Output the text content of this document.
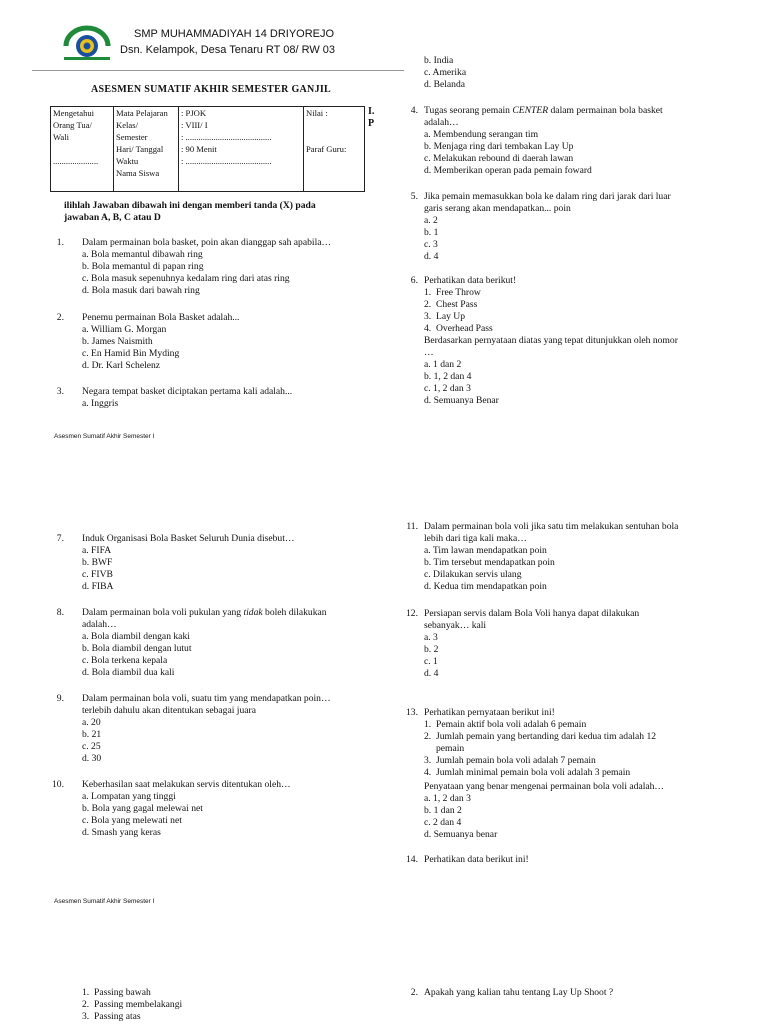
SMP MUHAMMADIYAH 14 DRIYOREJO
Dsn. Kelampok, Desa Tenaru RT 08/ RW 03
ASESMEN SUMATIF AKHIR SEMESTER GANJIL
Mengetahui
Orang Tua/
Wali
.....................

Mata Pelajaran
Kelas/
Semester
Hari/ Tanggal
Waktu
Nama Siswa

: PJOK
: VIII/ I
: ........................................
: 90 Menit
: ........................................

Nilai :
Paraf Guru:
I.
P
ilihlah Jawaban dibawah ini dengan memberi tanda (X) pada
jawaban A, B, C atau D
1. Dalam permainan bola basket, poin akan dianggap sah apabila…
a. Bola memantul dibawah ring
b. Bola memantul di papan ring
c. Bola masuk sepenuhnya kedalam ring dari atas ring
d. Bola masuk dari bawah ring
2. Penemu permainan Bola Basket adalah...
a. William G. Morgan
b. James Naismith
c. En Hamid Bin Myding
d. Dr. Karl Schelenz
3. Negara tempat basket diciptakan pertama kali adalah...
a. Inggris
b. India
c. Amerika
d. Belanda
4. Tugas seorang pemain CENTER dalam permainan bola basket
adalah…
a. Membendung serangan tim
b. Menjaga ring dari tembakan Lay Up
c. Melakukan rebound di daerah lawan
d. Memberikan operan pada pemain foward
5. Jika pemain memasukkan bola ke dalam ring dari jarak dari luar
garis serang akan mendapatkan... poin
a. 2
b. 1
c. 3
d. 4
6. Perhatikan data berikut!
1.  Free Throw
2.  Chest Pass
3.  Lay Up
4.  Overhead Pass
Berdasarkan pernyataan diatas yang tepat ditunjukkan oleh nomor
…
a. 1 dan 2
b. 1, 2 dan 4
c. 1, 2 dan 3
d. Semuanya Benar
Asesmen Sumatif Akhir Semester I
7. Induk Organisasi Bola Basket Seluruh Dunia disebut…
a. FIFA
b. BWF
c. FIVB
d. FIBA
8. Dalam permainan bola voli pukulan yang tidak boleh dilakukan
adalah…
a. Bola diambil dengan kaki
b. Bola diambil dengan lutut
c. Bola terkena kepala
d. Bola diambil dua kali
9. Dalam permainan bola voli, suatu tim yang mendapatkan poin…
terlebih dahulu akan ditentukan sebagai juara
a. 20
b. 21
c. 25
d. 30
10. Keberhasilan saat melakukan servis ditentukan oleh…
a. Lompatan yang tinggi
b. Bola yang gagal melewai net
c. Bola yang melewati net
d. Smash yang keras
11. Dalam permainan bola voli jika satu tim melakukan sentuhan bola
lebih dari tiga kali maka…
a. Tim lawan mendapatkan poin
b. Tim tersebut mendapatkan poin
c. Dilakukan servis ulang
d. Kedua tim mendapatkan poin
12. Persiapan servis dalam Bola Voli hanya dapat dilakukan
sebanyak… kali
a. 3
b. 2
c. 1
d. 4
13. Perhatikan pernyataan berikut ini!
1.  Pemain aktif bola voli adalah 6 pemain
2.  Jumlah pemain yang bertanding dari kedua tim adalah 12
pemain
3.  Jumlah pemain bola voli adalah 7 pemain
4.  Jumlah minimal pemain bola voli adalah 3 pemain
Penyataan yang benar mengenai permainan bola voli adalah…
a. 1, 2 dan 3
b. 1 dan 2
c. 2 dan 4
d. Semuanya benar
14. Perhatikan data berikut ini!
Asesmen Sumatif Akhir Semester I
1.  Passing bawah
2.  Passing membelakangi
3.  Passing atas
2. Apakah yang kalian tahu tentang Lay Up Shoot ?
